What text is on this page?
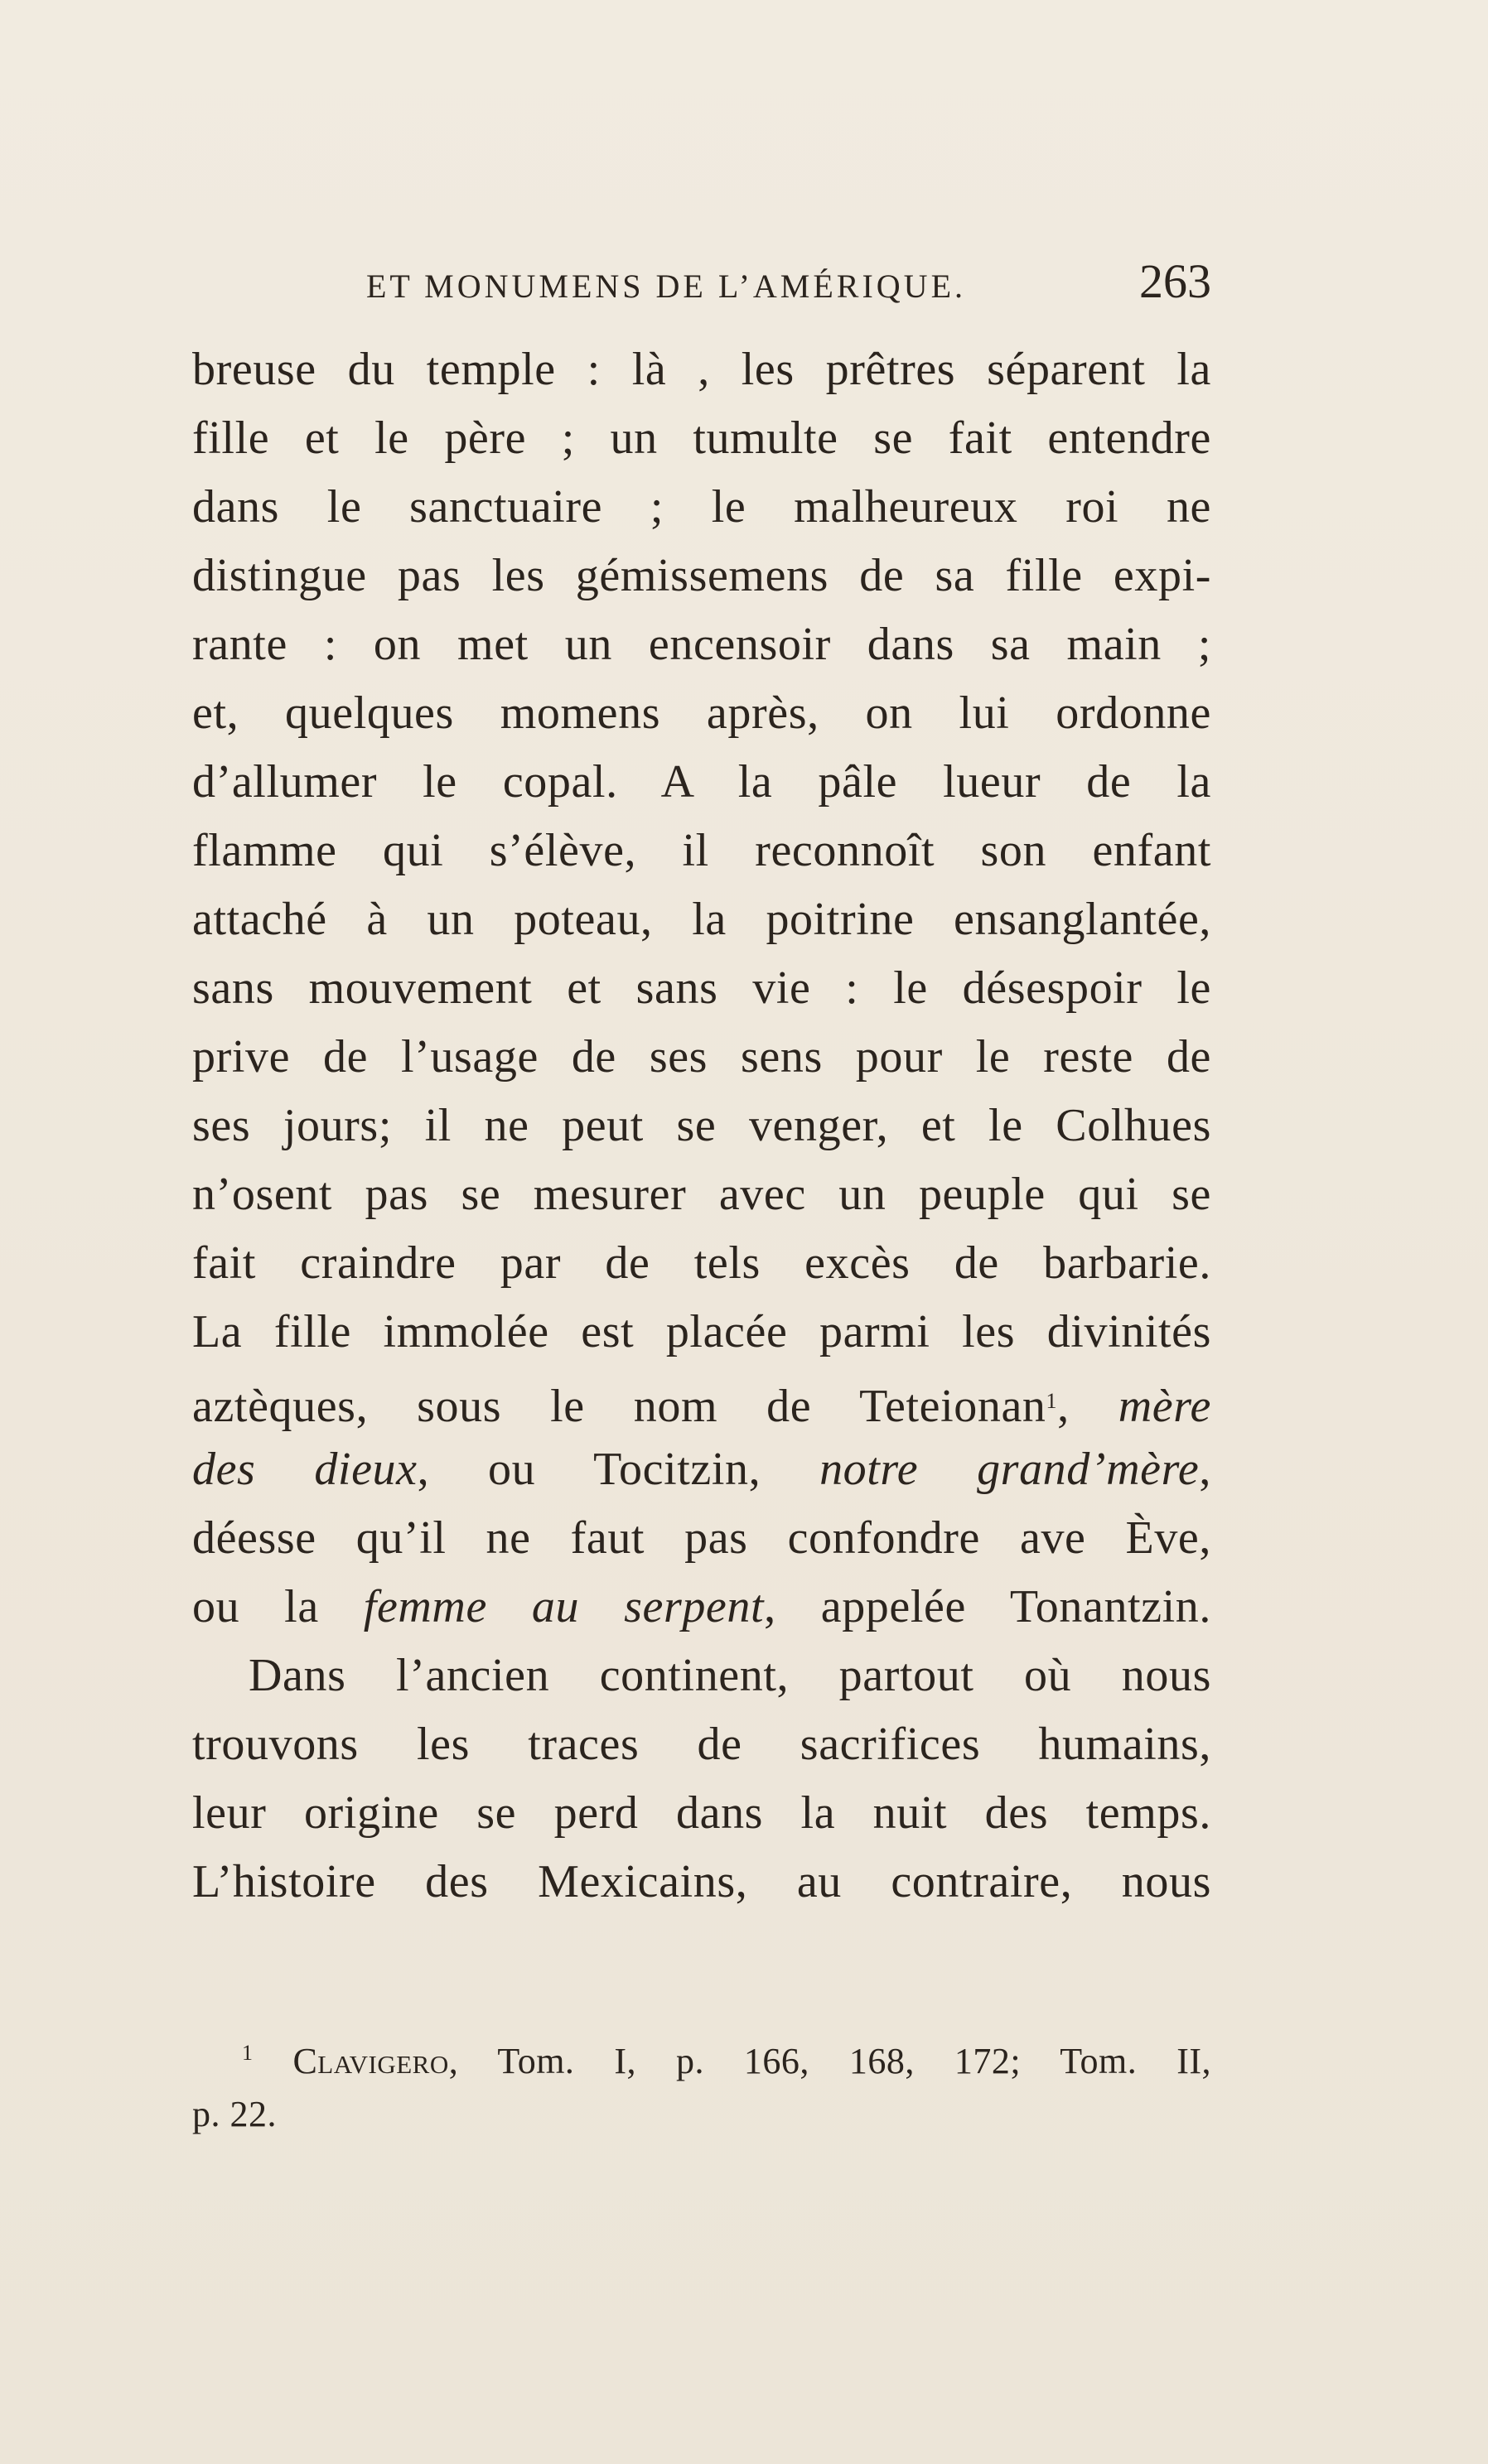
ET MONUMENS DE L’AMÉRIQUE.	263
breuse du temple : là , les prêtres séparent la
fille et le père ; un tumulte se fait entendre
dans le sanctuaire ; le malheureux roi ne
distingue pas les gémissemens de sa fille expi-
rante : on met un encensoir dans sa main ;
et, quelques momens après, on lui ordonne
d’allumer le copal. A la pâle lueur de la
flamme qui s’élève, il reconnoît son enfant
attaché à un poteau, la poitrine ensanglantée,
sans mouvement et sans vie : le désespoir le
prive de l’usage de ses sens pour le reste de
ses jours; il ne peut se venger, et le Colhues
n’osent pas se mesurer avec un peuple qui se
fait craindre par de tels excès de barbarie.
La fille immolée est placée parmi les divinités
aztèques, sous le nom de Teteionan$^1$, mère
des dieux, ou Tocitzin, notre grand’mère,
déesse qu’il ne faut pas confondre ave Ève,
ou la femme au serpent, appelée Tonantzin.
Dans l’ancien continent, partout où nous
trouvons les traces de sacrifices humains,
leur origine se perd dans la nuit des temps.
L’histoire des Mexicains, au contraire, nous
$^1$ Clavigero, Tom. I, p. 166, 168, 172; Tom. II,
p. 22.
